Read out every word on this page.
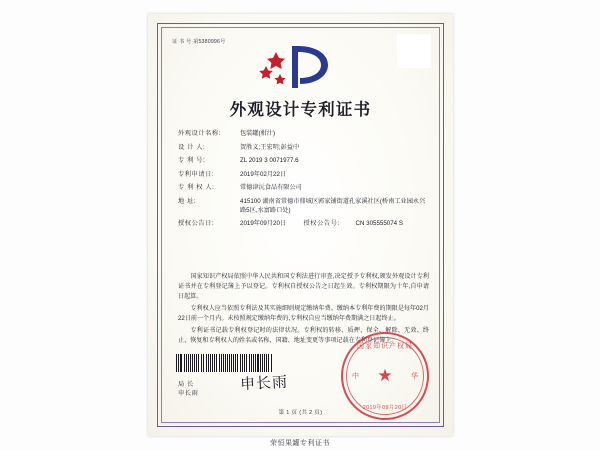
证 书 号 第5380996号
外观设计专利证书
外观设计名称:	包装罐(柑汁)
设 计 人:	贺胜义;王宏明;彭益中
专 利 号:	ZL 2019 3 0071977.6
专利申请日:	2019年02月22日
专 利 权 人:	常德津沅食品有限公司
地 址:	415100 湖南省常德市鼎城区郭家铺街道孔家溪社区(桥南工业园永兴路5区,水富路口处)
授权公告日:	2019年09月20日	授权公告号:	CN 305555074 S

国家知识产权局依照中华人民共和国专利法进行审查,决定授予专利权,颁发外观设计专利证书并在专利登记簿上予以登记。专利权自授权公告之日起生效。专利权期限为十年,自申请日起算。

专利权人应当依照专利法及其实施细则规定缴纳年费。缴纳本专利年费的期限是每年02月22日前一个月内。未按照规定缴纳年费的,专利权自应当缴纳年费期满之日起终止。

专利证书记载专利权登记时的法律状况。专利权的转移、质押、保全、解除、无效、终止、恢复和专利权人的姓名或名称、国籍、地址变更等事项记载在专利登记簿上。

局 长
申长雨
申长雨
国家知识产权局
中	华
★
2019年09月20日
第 1 页 (共 2 页)
荣恒果罐专利证书
